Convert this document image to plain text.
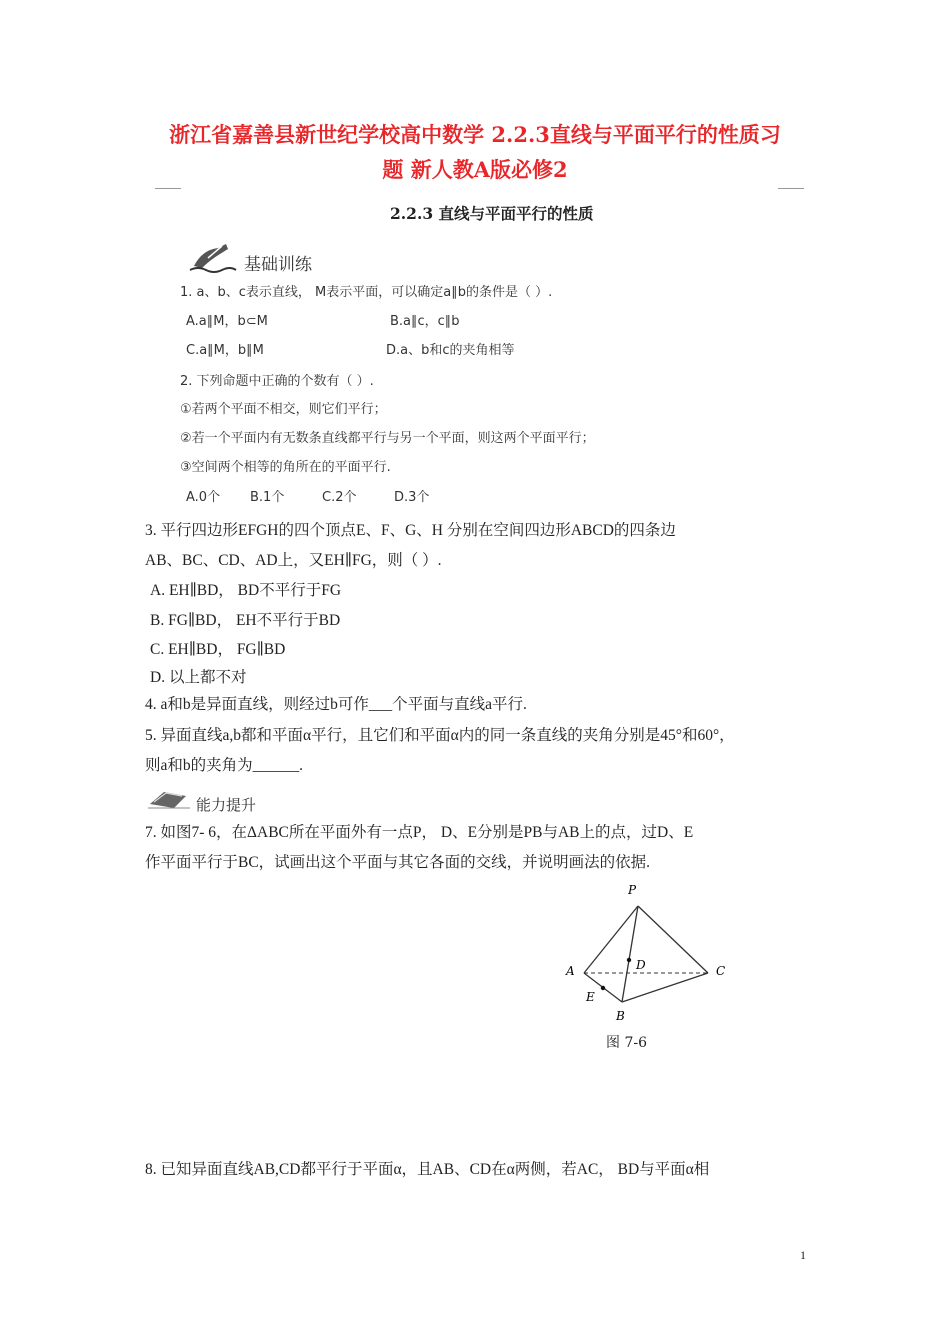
浙江省嘉善县新世纪学校高中数学 2.2.3直线与平面平行的性质习
题 新人教A版必修2
2.2.3 直线与平面平行的性质
基础训练
1. a、b、c表示直线， M表示平面，可以确定a∥b的条件是（ ）.
A.a∥M，b⊂M	B.a∥c，c∥b
C.a∥M，b∥M	D.a、b和c的夹角相等
2. 下列命题中正确的个数有（ ）.
①若两个平面不相交，则它们平行；
②若一个平面内有无数条直线都平行与另一个平面，则这两个平面平行；
③空间两个相等的角所在的平面平行.
A.0个 B.1个	C.2个	D.3个
3. 平行四边形EFGH的四个顶点E、F、G、H 分别在空间四边形ABCD的四条边
AB、BC、CD、AD上，又EH∥FG，则（ ）.
A. EH∥BD， BD不平行于FG
B. FG∥BD， EH不平行于BD
C. EH∥BD， FG∥BD
D. 以上都不对
4. a和b是异面直线，则经过b可作___个平面与直线a平行.
5. 异面直线a,b都和平面α平行，且它们和平面α内的同一条直线的夹角分别是45°和60°，
则a和b的夹角为______.
能力提升
7. 如图7- 6，在ΔABC所在平面外有一点P， D、E分别是PB与AB上的点，过D、E
作平面平行于BC，试画出这个平面与其它各面的交线，并说明画法的依据.
P
A
B
C
D
E
图 7-6
8. 已知异面直线AB,CD都平行于平面α，且AB、CD在α两侧，若AC， BD与平面α相
1
